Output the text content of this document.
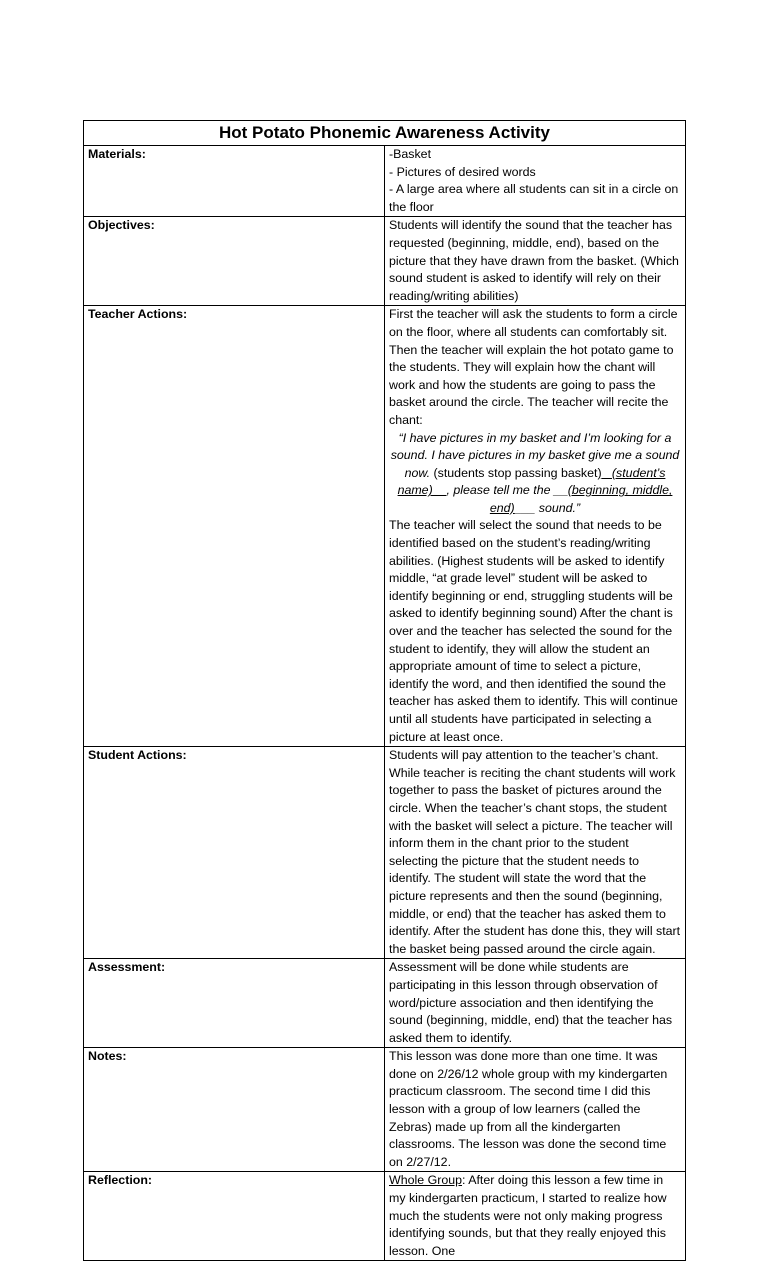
Hot Potato Phonemic Awareness Activity	
Materials:	-Basket
- Pictures of desired words
- A large area where all students can sit in a circle on the floor

Objectives:	Students will identify the sound that the teacher has requested (beginning, middle, end), based on the picture that they have drawn from the basket. (Which sound student is asked to identify will rely on their reading/writing abilities)
Teacher Actions:	First the teacher will ask the students to form a circle on the floor, where all students can comfortably sit. Then the teacher will explain the hot potato game to the students. They will explain how the chant will work and how the students are going to pass the basket around the circle. The teacher will recite the chant:
“I have pictures in my basket and I’m looking for a sound. I have pictures in my basket give me a sound now. (students stop passing basket)_ (student’s name)__, please tell me the __(beginning, middle, end)___ sound.”
The teacher will select the sound that needs to be identified based on the student’s reading/writing abilities. (Highest students will be asked to identify middle, “at grade level” student will be asked to identify beginning or end, struggling students will be asked to identify beginning sound) After the chant is over and the teacher has selected the sound for the student to identify, they will allow the student an appropriate amount of time to select a picture, identify the word, and then identified the sound the teacher has asked them to identify. This will continue until all students have participated in selecting a picture at least once.

Student Actions:	Students will pay attention to the teacher’s chant. While teacher is reciting the chant students will work together to pass the basket of pictures around the circle. When the teacher’s chant stops, the student with the basket will select a picture. The teacher will inform them in the chant prior to the student selecting the picture that the student needs to identify. The student will state the word that the picture represents and then the sound (beginning, middle, or end) that the teacher has asked them to identify. After the student has done this, they will start the basket being passed around the circle again.
Assessment:	Assessment will be done while students are participating in this lesson through observation of word/picture association and then identifying the sound (beginning, middle, end) that the teacher has asked them to identify.
Notes:	This lesson was done more than one time. It was done on 2/26/12 whole group with my kindergarten practicum classroom. The second time I did this lesson with a group of low learners (called the Zebras) made up from all the kindergarten classrooms. The lesson was done the second time on 2/27/12.
Reflection:	Whole Group: After doing this lesson a few time in my kindergarten practicum, I started to realize how much the students were not only making progress identifying sounds, but that they really enjoyed this lesson. One
